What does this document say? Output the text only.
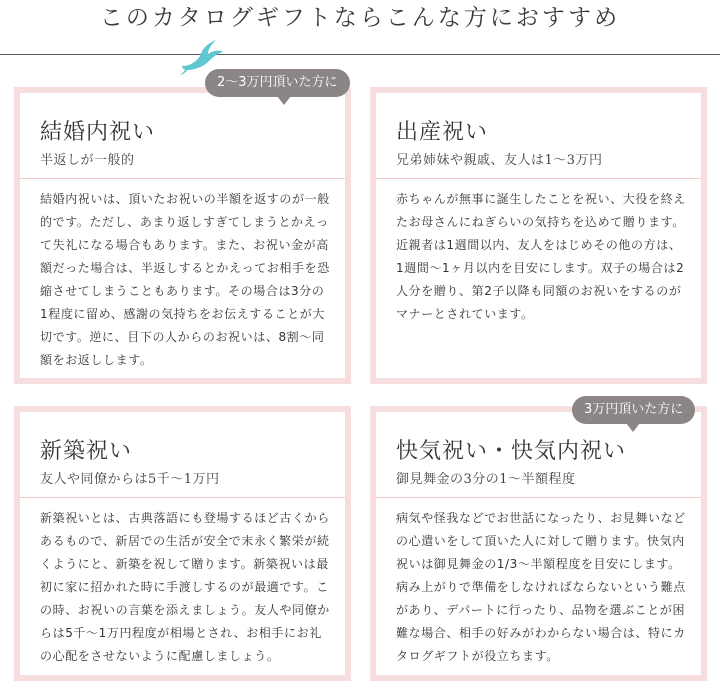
このカタログギフトならこんな方におすすめ
結婚内祝い
半返しが一般的
結婚内祝いは、頂いたお祝いの半額を返すのが一般的です。ただし、あまり返しすぎてしまうとかえって失礼になる場合もあります。また、お祝い金が高額だった場合は、半返しするとかえってお相手を恐縮させてしまうこともあります。その場合は3分の1程度に留め、感謝の気持ちをお伝えすることが大切です。逆に、目下の人からのお祝いは、8割～同額をお返しします。
2～3万円頂いた方に
出産祝い
兄弟姉妹や親戚、友人は1～3万円
赤ちゃんが無事に誕生したことを祝い、大役を終えたお母さんにねぎらいの気持ちを込めて贈ります。近親者は1週間以内、友人をはじめその他の方は、1週間～1ヶ月以内を目安にします。双子の場合は2人分を贈り、第2子以降も同額のお祝いをするのがマナーとされています。
新築祝い
友人や同僚からは5千～1万円
新築祝いとは、古典落語にも登場するほど古くからあるもので、新居での生活が安全で末永く繁栄が続くようにと、新築を祝して贈ります。新築祝いは最初に家に招かれた時に手渡しするのが最適です。この時、お祝いの言葉を添えましょう。友人や同僚からは5千～1万円程度が相場とされ、お相手にお礼の心配をさせないように配慮しましょう。
快気祝い・快気内祝い
御見舞金の3分の1～半額程度
病気や怪我などでお世話になったり、お見舞いなどの心遣いをして頂いた人に対して贈ります。快気内祝いは御見舞金の1/3～半額程度を目安にします。病み上がりで準備をしなければならないという難点があり、デパートに行ったり、品物を選ぶことが困難な場合、相手の好みがわからない場合は、特にカタログギフトが役立ちます。
3万円頂いた方に
